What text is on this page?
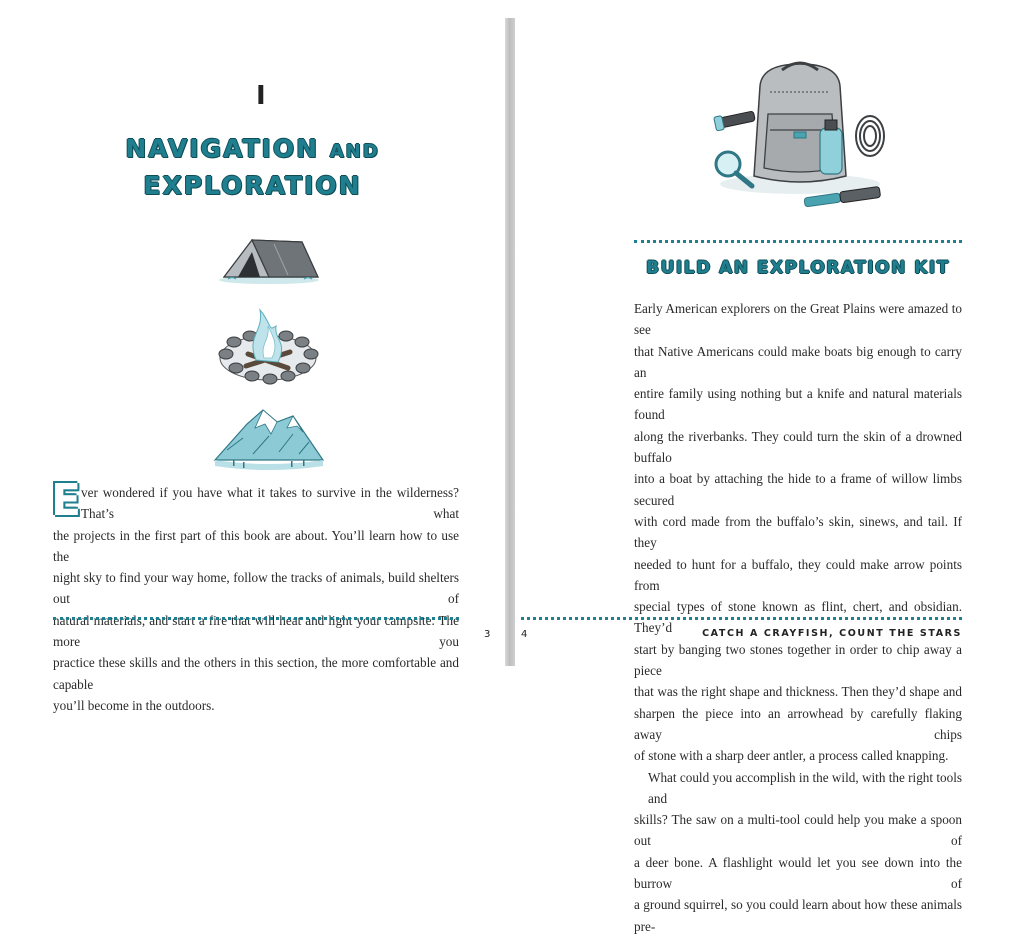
I
NAVIGATION AND
EXPLORATION
E ver wondered if you have what it takes to survive in the wilderness? That’s what
the projects in the first part of this book are about. You’ll learn how to use the
night sky to find your way home, follow the tracks of animals, build shelters out of
natural materials, and start a fire that will heat and light your campsite. The more you
practice these skills and the others in this section, the more comfortable and capable
you’ll become in the outdoors.
3
BUILD AN EXPLORATION KIT
Early American explorers on the Great Plains were amazed to see
that Native Americans could make boats big enough to carry an
entire family using nothing but a knife and natural materials found
along the riverbanks. They could turn the skin of a drowned buffalo
into a boat by attaching the hide to a frame of willow limbs secured
with cord made from the buffalo’s skin, sinews, and tail. If they
needed to hunt for a buffalo, they could make arrow points from
special types of stone known as flint, chert, and obsidian. They’d
start by banging two stones together in order to chip away a piece
that was the right shape and thickness. Then they’d shape and
sharpen the piece into an arrowhead by carefully flaking away chips
of stone with a sharp deer antler, a process called knapping.
What could you accomplish in the wild, with the right tools and
skills? The saw on a multi-tool could help you make a spoon out of
a deer bone. A flashlight would let you see down into the burrow of
a ground squirrel, so you could learn about how these animals pre-
4	CATCH A CRAYFISH, COUNT THE STARS
